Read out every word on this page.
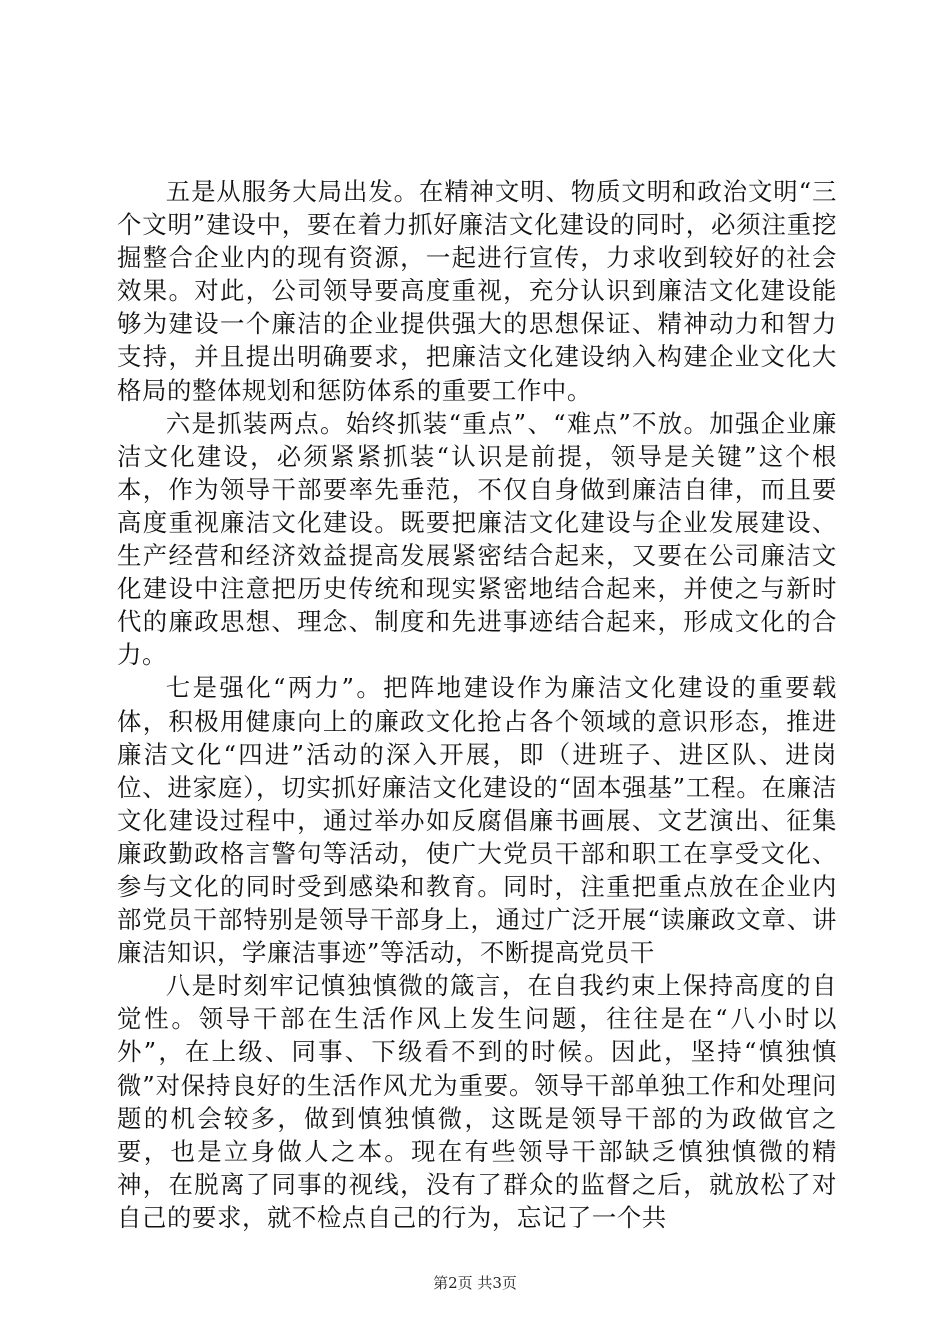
五是从服务大局出发。在精神文明、物质文明和政治文明“三个文明”建设中，要在着力抓好廉洁文化建设的同时，必须注重挖掘整合企业内的现有资源，一起进行宣传，力求收到较好的社会效果。对此，公司领导要高度重视，充分认识到廉洁文化建设能够为建设一个廉洁的企业提供强大的思想保证、精神动力和智力支持，并且提出明确要求，把廉洁文化建设纳入构建企业文化大格局的整体规划和惩防体系的重要工作中。

六是抓装两点。始终抓装“重点”、“难点”不放。加强企业廉洁文化建设，必须紧紧抓装“认识是前提，领导是关键”这个根本，作为领导干部要率先垂范，不仅自身做到廉洁自律，而且要高度重视廉洁文化建设。既要把廉洁文化建设与企业发展建设、生产经营和经济效益提高发展紧密结合起来，又要在公司廉洁文化建设中注意把历史传统和现实紧密地结合起来，并使之与新时代的廉政思想、理念、制度和先进事迹结合起来，形成文化的合力。

七是强化“两力”。把阵地建设作为廉洁文化建设的重要载体，积极用健康向上的廉政文化抢占各个领域的意识形态，推进廉洁文化“四进”活动的深入开展，即（进班子、进区队、进岗位、进家庭），切实抓好廉洁文化建设的“固本强基”工程。在廉洁文化建设过程中，通过举办如反腐倡廉书画展、文艺演出、征集廉政勤政格言警句等活动，使广大党员干部和职工在享受文化、参与文化的同时受到感染和教育。同时，注重把重点放在企业内部党员干部特别是领导干部身上，通过广泛开展“读廉政文章、讲廉洁知识，学廉洁事迹”等活动，不断提高党员干

八是时刻牢记慎独慎微的箴言，在自我约束上保持高度的自觉性。领导干部在生活作风上发生问题，往往是在“八小时以外”，在上级、同事、下级看不到的时候。因此，坚持“慎独慎微”对保持良好的生活作风尤为重要。领导干部单独工作和处理问题的机会较多，做到慎独慎微，这既是领导干部的为政做官之要，也是立身做人之本。现在有些领导干部缺乏慎独慎微的精神，在脱离了同事的视线，没有了群众的监督之后，就放松了对自己的要求，就不检点自己的行为，忘记了一个共

第2页 共3页
